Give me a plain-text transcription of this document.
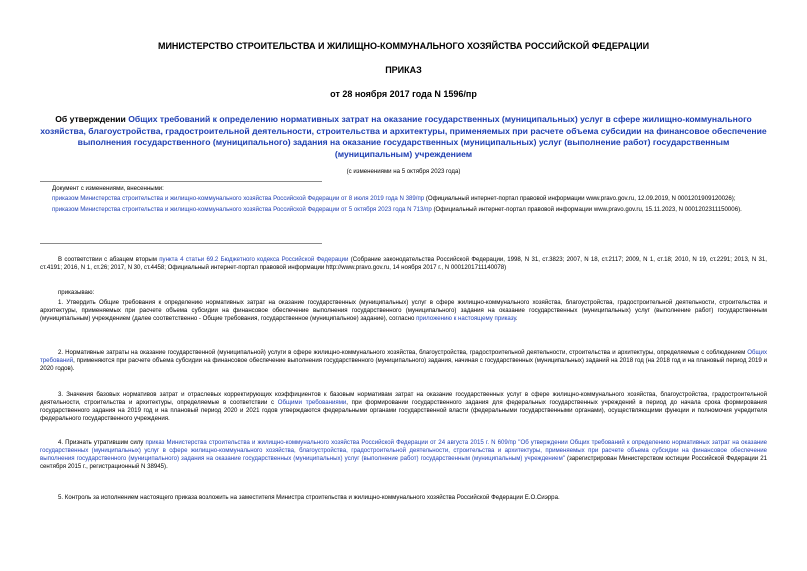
МИНИСТЕРСТВО СТРОИТЕЛЬСТВА И ЖИЛИЩНО-КОММУНАЛЬНОГО ХОЗЯЙСТВА РОССИЙСКОЙ ФЕДЕРАЦИИ
ПРИКАЗ
от 28 ноября 2017 года N 1596/пр
Об утверждении Общих требований к определению нормативных затрат на оказание государственных (муниципальных) услуг в сфере жилищно-коммунального хозяйства, благоустройства, градостроительной деятельности, строительства и архитектуры, применяемых при расчете объема субсидии на финансовое обеспечение выполнения государственного (муниципального) задания на оказание государственных (муниципальных) услуг (выполнение работ) государственным (муниципальным) учреждением
(с изменениями на 5 октября 2023 года)
Документ с изменениями, внесенными:
приказом Министерства строительства и жилищно-коммунального хозяйства Российской Федерации от 8 июля 2019 года N 389/пр (Официальный интернет-портал правовой информации www.pravo.gov.ru, 12.09.2019, N 0001201909120026);
приказом Министерства строительства и жилищно-коммунального хозяйства Российской Федерации от 5 октября 2023 года N 713/пр (Официальный интернет-портал правовой информации www.pravo.gov.ru, 15.11.2023, N 0001202311150006).
В соответствии с абзацем вторым пункта 4 статьи 69.2 Бюджетного кодекса Российской Федерации (Собрание законодательства Российской Федерации, 1998, N 31, ст.3823; 2007, N 18, ст.2117; 2009, N 1, ст.18; 2010, N 19, ст.2291; 2013, N 31, ст.4191; 2016, N 1, ст.26; 2017, N 30, ст.4458; Официальный интернет-портал правовой информации http://www.pravo.gov.ru, 14 ноября 2017 г., N 0001201711140078)
приказываю:
1. Утвердить Общие требования к определению нормативных затрат на оказание государственных (муниципальных) услуг в сфере жилищно-коммунального хозяйства, благоустройства, градостроительной деятельности, строительства и архитектуры, применяемых при расчете объема субсидии на финансовое обеспечение выполнения государственного (муниципального) задания на оказание государственных (муниципальных) услуг (выполнение работ) государственным (муниципальным) учреждением (далее соответственно - Общие требования, государственное (муниципальное) задание), согласно приложению к настоящему приказу.
2. Нормативные затраты на оказание государственной (муниципальной) услуги в сфере жилищно-коммунального хозяйства, благоустройства, градостроительной деятельности, строительства и архитектуры, определяемые с соблюдением Общих требований, применяются при расчете объема субсидии на финансовое обеспечение выполнения государственного (муниципального) задания, начиная с государственных (муниципальных) заданий на 2018 год (на 2018 год и на плановый период 2019 и 2020 годов).
3. Значения базовых нормативов затрат и отраслевых корректирующих коэффициентов к базовым нормативам затрат на оказание государственных услуг в сфере жилищно-коммунального хозяйства, благоустройства, градостроительной деятельности, строительства и архитектуры, определяемые в соответствии с Общими требованиями, при формировании государственного задания для федеральных государственных учреждений в период до начала срока формирования государственного задания на 2019 год и на плановый период 2020 и 2021 годов утверждаются федеральными органами государственной власти (федеральными государственными органами), осуществляющими функции и полномочия учредителя федерального государственного учреждения.
4. Признать утратившим силу приказ Министерства строительства и жилищно-коммунального хозяйства Российской Федерации от 24 августа 2015 г. N 609/пр "Об утверждении Общих требований к определению нормативных затрат на оказание государственных (муниципальных) услуг в сфере жилищно-коммунального хозяйства, благоустройства, градостроительной деятельности, строительства и архитектуры, применяемых при расчете объема субсидии на финансовое обеспечение выполнения государственного (муниципального) задания на оказание государственных (муниципальных) услуг (выполнение работ) государственным (муниципальным) учреждением" (зарегистрирован Министерством юстиции Российской Федерации 21 сентября 2015 г., регистрационный N 38945).
5. Контроль за исполнением настоящего приказа возложить на заместителя Министра строительства и жилищно-коммунального хозяйства Российской Федерации Е.О.Сиэрра.
